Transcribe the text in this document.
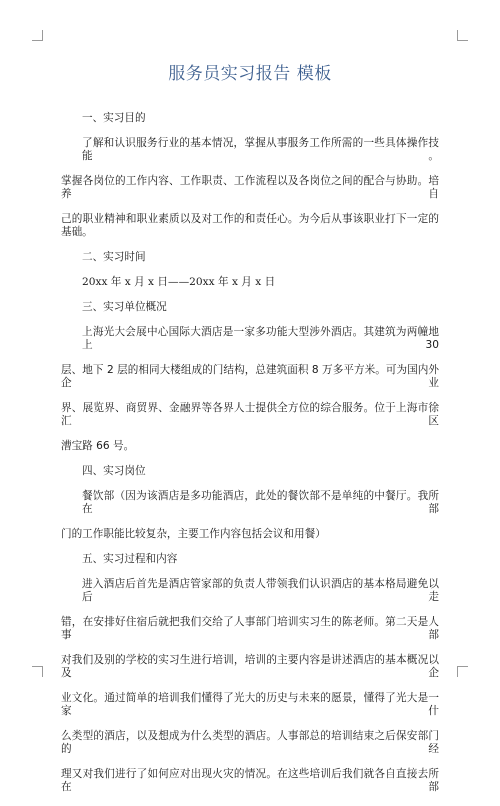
服务员实习报告 模板
一、实习目的
了解和认识服务行业的基本情况，掌握从事服务工作所需的一些具体操作技能。
掌握各岗位的工作内容、工作职责、工作流程以及各岗位之间的配合与协助。培养自
己的职业精神和职业素质以及对工作的和责任心。为今后从事该职业打下一定的基础。
二、实习时间
20xx 年 x 月 x 日——20xx 年 x 月 x 日
三、实习单位概况
上海光大会展中心国际大酒店是一家多功能大型涉外酒店。其建筑为两幢地上 30
层、地下 2 层的相同大楼组成的门结构，总建筑面积 8 万多平方米。可为国内外企业
界、展览界、商贸界、金融界等各界人士提供全方位的综合服务。位于上海市徐汇区
漕宝路 66 号。
四、实习岗位
餐饮部（因为该酒店是多功能酒店，此处的餐饮部不是单纯的中餐厅。我所在部
门的工作职能比较复杂，主要工作内容包括会议和用餐）
五、实习过程和内容
进入酒店后首先是酒店管家部的负责人带领我们认识酒店的基本格局避免以后走
错，在安排好住宿后就把我们交给了人事部门培训实习生的陈老师。第二天是人事部
对我们及别的学校的实习生进行培训，培训的主要内容是讲述酒店的基本概况以及企
业文化。通过简单的培训我们懂得了光大的历史与未来的愿景，懂得了光大是一家什
么类型的酒店，以及想成为什么类型的酒店。人事部总的培训结束之后保安部门的经
理又对我们进行了如何应对出现火灾的情况。在这些培训后我们就各自直接去所在部
